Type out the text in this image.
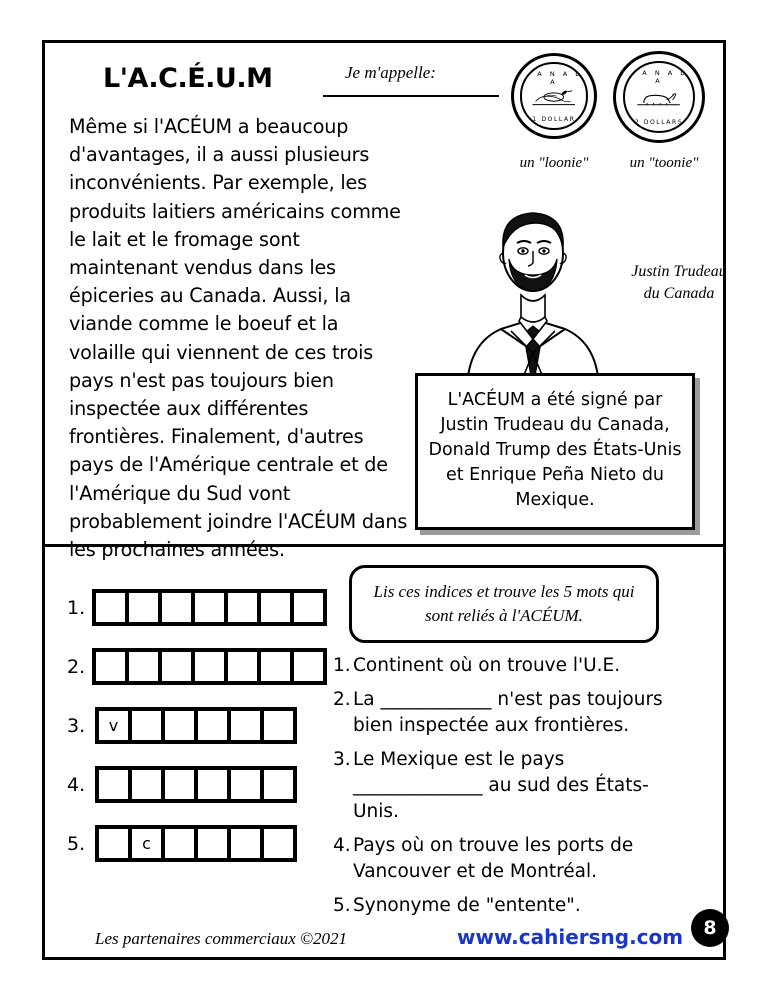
L'A.C.É.U.M	Je m'appelle:	C A N A D A
1 DOLLAR
un "loonie"
C A N A D A
2 DOLLARS
un "toonie"
Même si l'ACÉUM a beaucoup d'avantages, il a aussi plusieurs inconvénients. Par exemple, les produits laitiers américains comme le lait et le fromage sont maintenant vendus dans les épiceries au Canada. Aussi, la viande comme le boeuf et la volaille qui viennent de ces trois pays n'est pas toujours bien inspectée aux différentes frontières. Finalement, d'autres pays de l'Amérique centrale et de l'Amérique du Sud vont probablement joindre l'ACÉUM dans les prochaines années.
Justin Trudeau du Canada
L'ACÉUM a été signé par Justin Trudeau du Canada, Donald Trump des États-Unis et Enrique Peña Nieto du Mexique.
Lis ces indices et trouve les 5 mots qui sont reliés à l'ACÉUM.
1. Continent où on trouve l'U.E.
2. La ____________ n'est pas toujours bien inspectée aux frontières.
3. Le Mexique est le pays ______________ au sud des États-Unis.
4. Pays où on trouve les ports de Vancouver et de Montréal.
5. Synonyme de "entente".
1.
2.
3.	v
4.
5.	c
Les partenaires commerciaux ©2021	www.cahiersng.com	8
